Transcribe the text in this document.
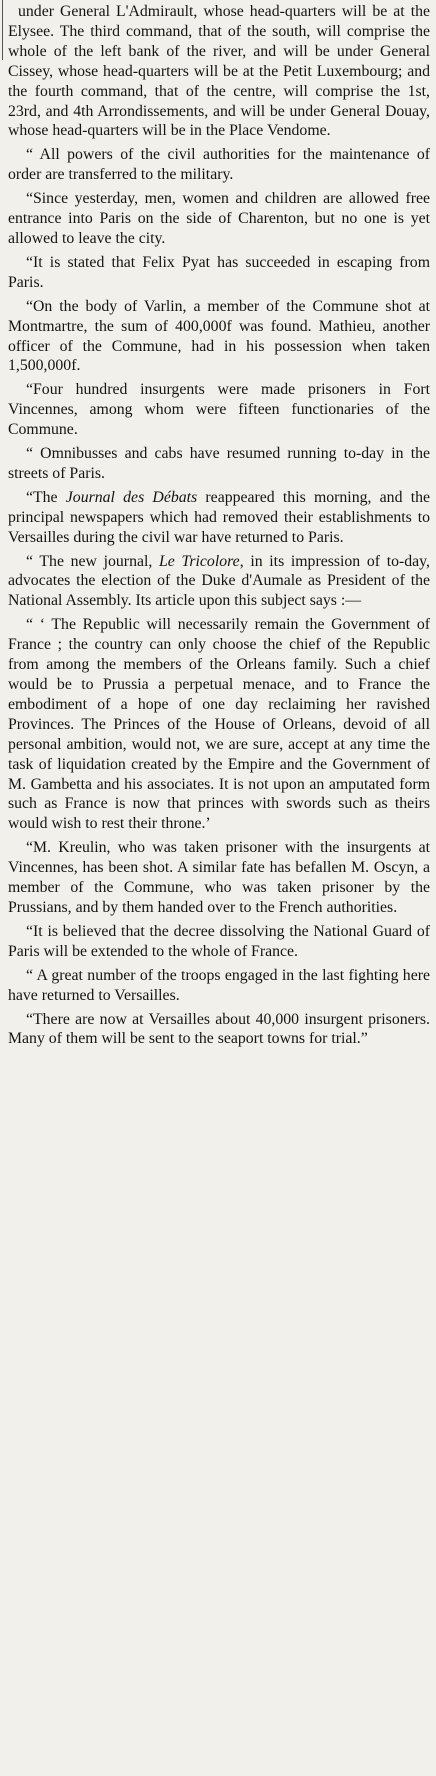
under General L'Admirault, whose head-quarters will be at the Elysee. The third command, that of the south, will comprise the whole of the left bank of the river, and will be under General Cissey, whose head-quarters will be at the Petit Luxembourg; and the fourth command, that of the centre, will comprise the 1st, 23rd, and 4th Arrondissements, and will be under General Douay, whose head-quarters will be in the Place Vendome.

“ All powers of the civil authorities for the maintenance of order are transferred to the military.

“Since yesterday, men, women and children are allowed free entrance into Paris on the side of Charenton, but no one is yet allowed to leave the city.

“It is stated that Felix Pyat has succeeded in escaping from Paris.

“On the body of Varlin, a member of the Commune shot at Montmartre, the sum of 400,000f was found. Mathieu, another officer of the Commune, had in his possession when taken 1,500,000f.

“Four hundred insurgents were made prisoners in Fort Vincennes, among whom were fifteen functionaries of the Commune.

“ Omnibusses and cabs have resumed running to-day in the streets of Paris.

“The Journal des Débats reappeared this morning, and the principal newspapers which had removed their establishments to Versailles during the civil war have returned to Paris.

“ The new journal, Le Tricolore, in its impression of to-day, advocates the election of the Duke d'Aumale as President of the National Assembly. Its article upon this subject says :—

“ ‘ The Republic will necessarily remain the Government of France ; the country can only choose the chief of the Republic from among the members of the Orleans family. Such a chief would be to Prussia a perpetual menace, and to France the embodiment of a hope of one day reclaiming her ravished Provinces. The Princes of the House of Orleans, devoid of all personal ambition, would not, we are sure, accept at any time the task of liquidation created by the Empire and the Government of M. Gambetta and his associates. It is not upon an amputated form such as France is now that princes with swords such as theirs would wish to rest their throne.’

“M. Kreulin, who was taken prisoner with the insurgents at Vincennes, has been shot. A similar fate has befallen M. Oscyn, a member of the Commune, who was taken prisoner by the Prussians, and by them handed over to the French authorities.

“It is believed that the decree dissolving the National Guard of Paris will be extended to the whole of France.

“ A great number of the troops engaged in the last fighting here have returned to Versailles.

“There are now at Versailles about 40,000 insurgent prisoners. Many of them will be sent to the seaport towns for trial.”
